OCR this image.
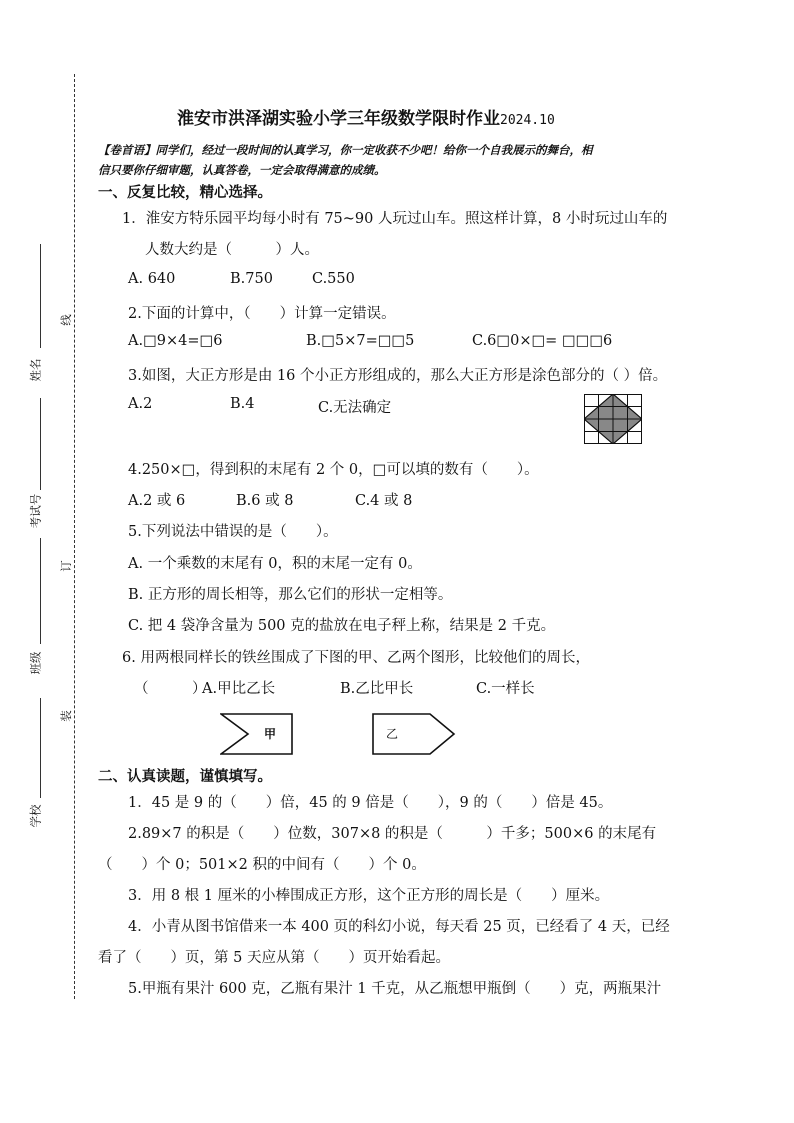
线
订
装
姓名
考试号
班级
学校
淮安市洪泽湖实验小学三年级数学限时作业2024.10
【卷首语】同学们，经过一段时间的认真学习，你一定收获不少吧！给你一个自我展示的舞台，相
信只要你仔细审题，认真答卷，一定会取得满意的成绩。
一、反复比较，精心选择。
1．淮安方特乐园平均每小时有 75~90 人玩过山车。照这样计算，8 小时玩过山车的
人数大约是（　　　）人。
A. 640	B.750	C.550
2.下面的计算中，（　　）计算一定错误。
A.□9×4=□6	B.□5×7=□□5	C.6□0×□= □□□6
3.如图，大正方形是由 16 个小正方形组成的，那么大正方形是涂色部分的（ ）倍。
A.2	B.4	C.无法确定
4.250×□，得到积的末尾有 2 个 0，□可以填的数有（　　）。
A.2 或 6	B.6 或 8	C.4 或 8
5.下列说法中错误的是（　　）。
A. 一个乘数的末尾有 0，积的末尾一定有 0。
B. 正方形的周长相等，那么它们的形状一定相等。
C. 把 4 袋净含量为 500 克的盐放在电子秤上称，结果是 2 千克。
6. 用两根同样长的铁丝围成了下图的甲、乙两个图形，比较他们的周长，
（　　　）
A.甲比乙长	B.乙比甲长	C.一样长
甲	乙
二、认真读题，谨慎填写。
1．45 是 9 的（　　）倍，45 的 9 倍是（　　），9 的（　　）倍是 45。
2.89×7 的积是（　　）位数，307×8 的积是（　　　）千多；500×6 的末尾有
（　　）个 0；501×2 积的中间有（　　）个 0。
3．用 8 根 1 厘米的小棒围成正方形，这个正方形的周长是（　　）厘米。
4．小青从图书馆借来一本 400 页的科幻小说，每天看 25 页，已经看了 4 天，已经
看了（　　）页，第 5 天应从第（　　）页开始看起。
5.甲瓶有果汁 600 克，乙瓶有果汁 1 千克，从乙瓶想甲瓶倒（　　）克，两瓶果汁
